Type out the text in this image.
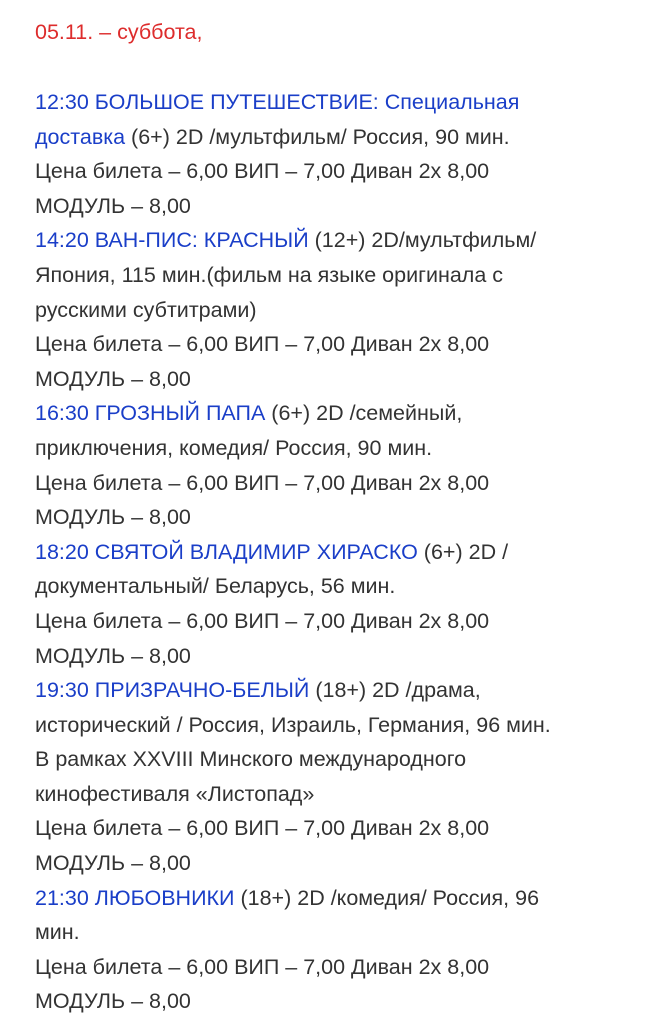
05.11. – суббота,
12:30 БОЛЬШОЕ ПУТЕШЕСТВИЕ: Специальная
доставка (6+) 2D /мультфильм/ Россия, 90 мин.
Цена билета – 6,00 ВИП – 7,00 Диван 2х 8,00
МОДУЛЬ – 8,00
14:20 ВАН-ПИС: КРАСНЫЙ (12+) 2D/мультфильм/
Япония, 115 мин.(фильм на языке оригинала с
русскими субтитрами)
Цена билета – 6,00 ВИП – 7,00 Диван 2х 8,00
МОДУЛЬ – 8,00
16:30 ГРОЗНЫЙ ПАПА (6+) 2D /семейный,
приключения, комедия/ Россия, 90 мин.
Цена билета – 6,00 ВИП – 7,00 Диван 2х 8,00
МОДУЛЬ – 8,00
18:20 СВЯТОЙ ВЛАДИМИР ХИРАСКО (6+) 2D /
документальный/ Беларусь, 56 мин.
Цена билета – 6,00 ВИП – 7,00 Диван 2х 8,00
МОДУЛЬ – 8,00
19:30 ПРИЗРАЧНО-БЕЛЫЙ (18+) 2D /драма,
исторический / Россия, Израиль, Германия, 96 мин.
В рамках XXVIII Минского международного
кинофестиваля «Листопад»
Цена билета – 6,00 ВИП – 7,00 Диван 2х 8,00
МОДУЛЬ – 8,00
21:30 ЛЮБОВНИКИ (18+) 2D /комедия/ Россия, 96
мин.
Цена билета – 6,00 ВИП – 7,00 Диван 2х 8,00
МОДУЛЬ – 8,00
